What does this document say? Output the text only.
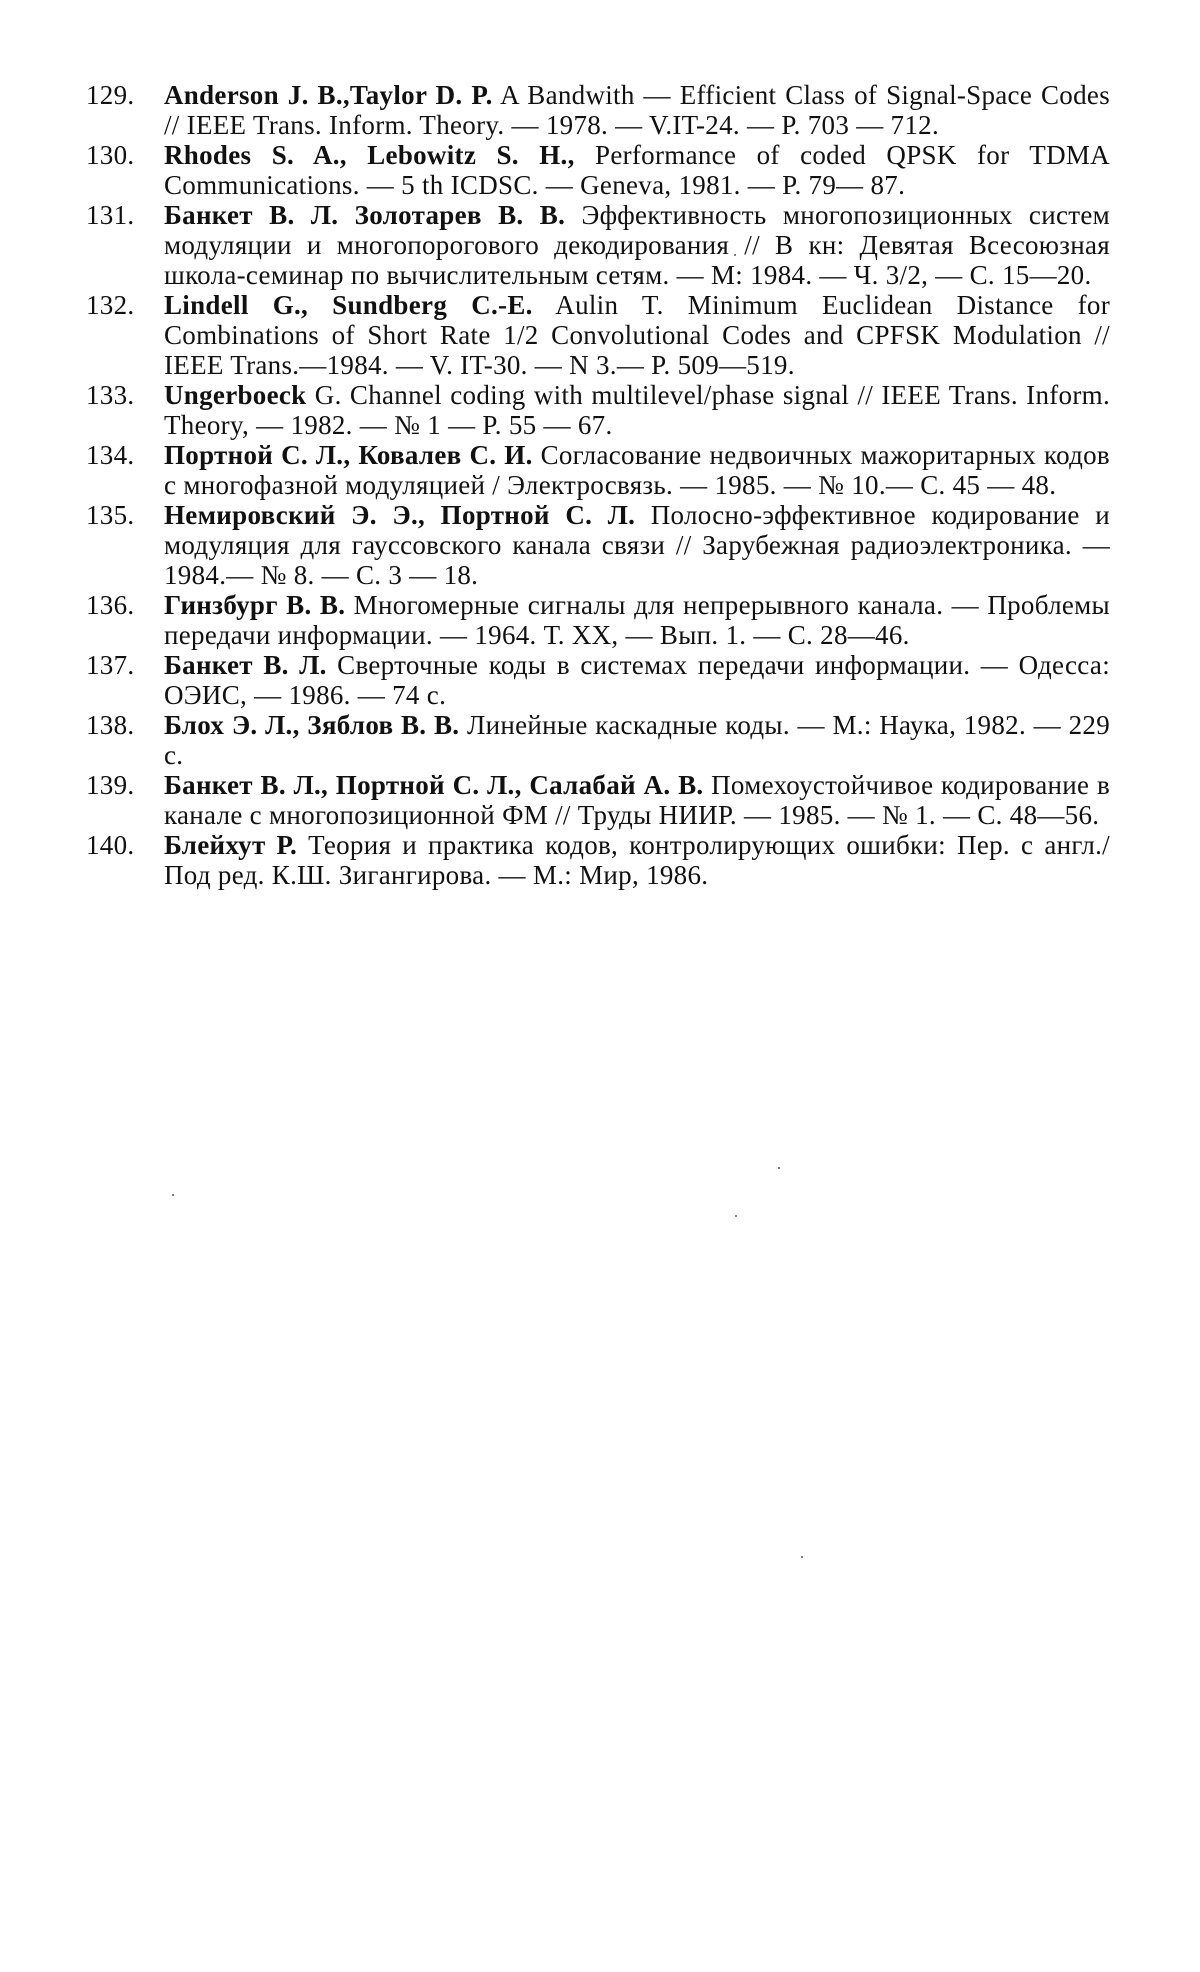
129.	Anderson J. B.,Taylor D. P. A Bandwith — Efficient Class of Signal-Space Codes // IEEE Trans. Inform. Theory. — 1978. — V.IT-24. — P. 703 — 712.
130.	Rhodes S. A., Lebowitz S. H., Performance of coded QPSK for TDMA Communications. — 5 th ICDSC. — Geneva, 1981. — P. 79— 87.
131.	Банкет В. Л. Золотарев В. В. Эффективность многопозиционных систем модуляции и многопорогового декодирования // В кн: Девятая Всесоюзная школа-семинар по вычислительным сетям. — М: 1984. — Ч. 3/2, — С. 15—20.
132.	Lindell G., Sundberg C.-E. Aulin T. Minimum Euclidean Distance for Combinations of Short Rate 1/2 Convolutional Codes and CPFSK Modulation // IEEE Trans.—1984. — V. IT-30. — N 3.— P. 509—519.
133.	Ungerboeck G. Channel coding with multilevel/phase signal // IEEE Trans. Inform. Theory, — 1982. — № 1 — P. 55 — 67.
134.	Портной С. Л., Ковалев С. И. Согласование недвоичных мажоритарных кодов с многофазной модуляцией / Электросвязь. — 1985. — № 10.— С. 45 — 48.
135.	Немировский Э. Э., Портной С. Л. Полосно-эффективное кодирование и модуляция для гауссовского канала связи // Зарубежная радиоэлектроника. — 1984.— № 8. — С. 3 — 18.
136.	Гинзбург В. В. Многомерные сигналы для непрерывного канала. — Проблемы передачи информации. — 1964. Т. XX, — Вып. 1. — С. 28—46.
137.	Банкет В. Л. Сверточные коды в системах передачи информации. — Одесса: ОЭИС, — 1986. — 74 с.
138.	Блох Э. Л., Зяблов В. В. Линейные каскадные коды. — М.: Наука, 1982. — 229 с.
139.	Банкет В. Л., Портной С. Л., Салабай А. В. Помехоустойчивое кодирование в канале с многопозиционной ФМ // Труды НИИР. — 1985. — № 1. — С. 48—56.
140.	Блейхут Р. Теория и практика кодов, контролирующих ошибки: Пер. с англ./Под ред. К.Ш. Зигангирова. — М.: Мир, 1986.
